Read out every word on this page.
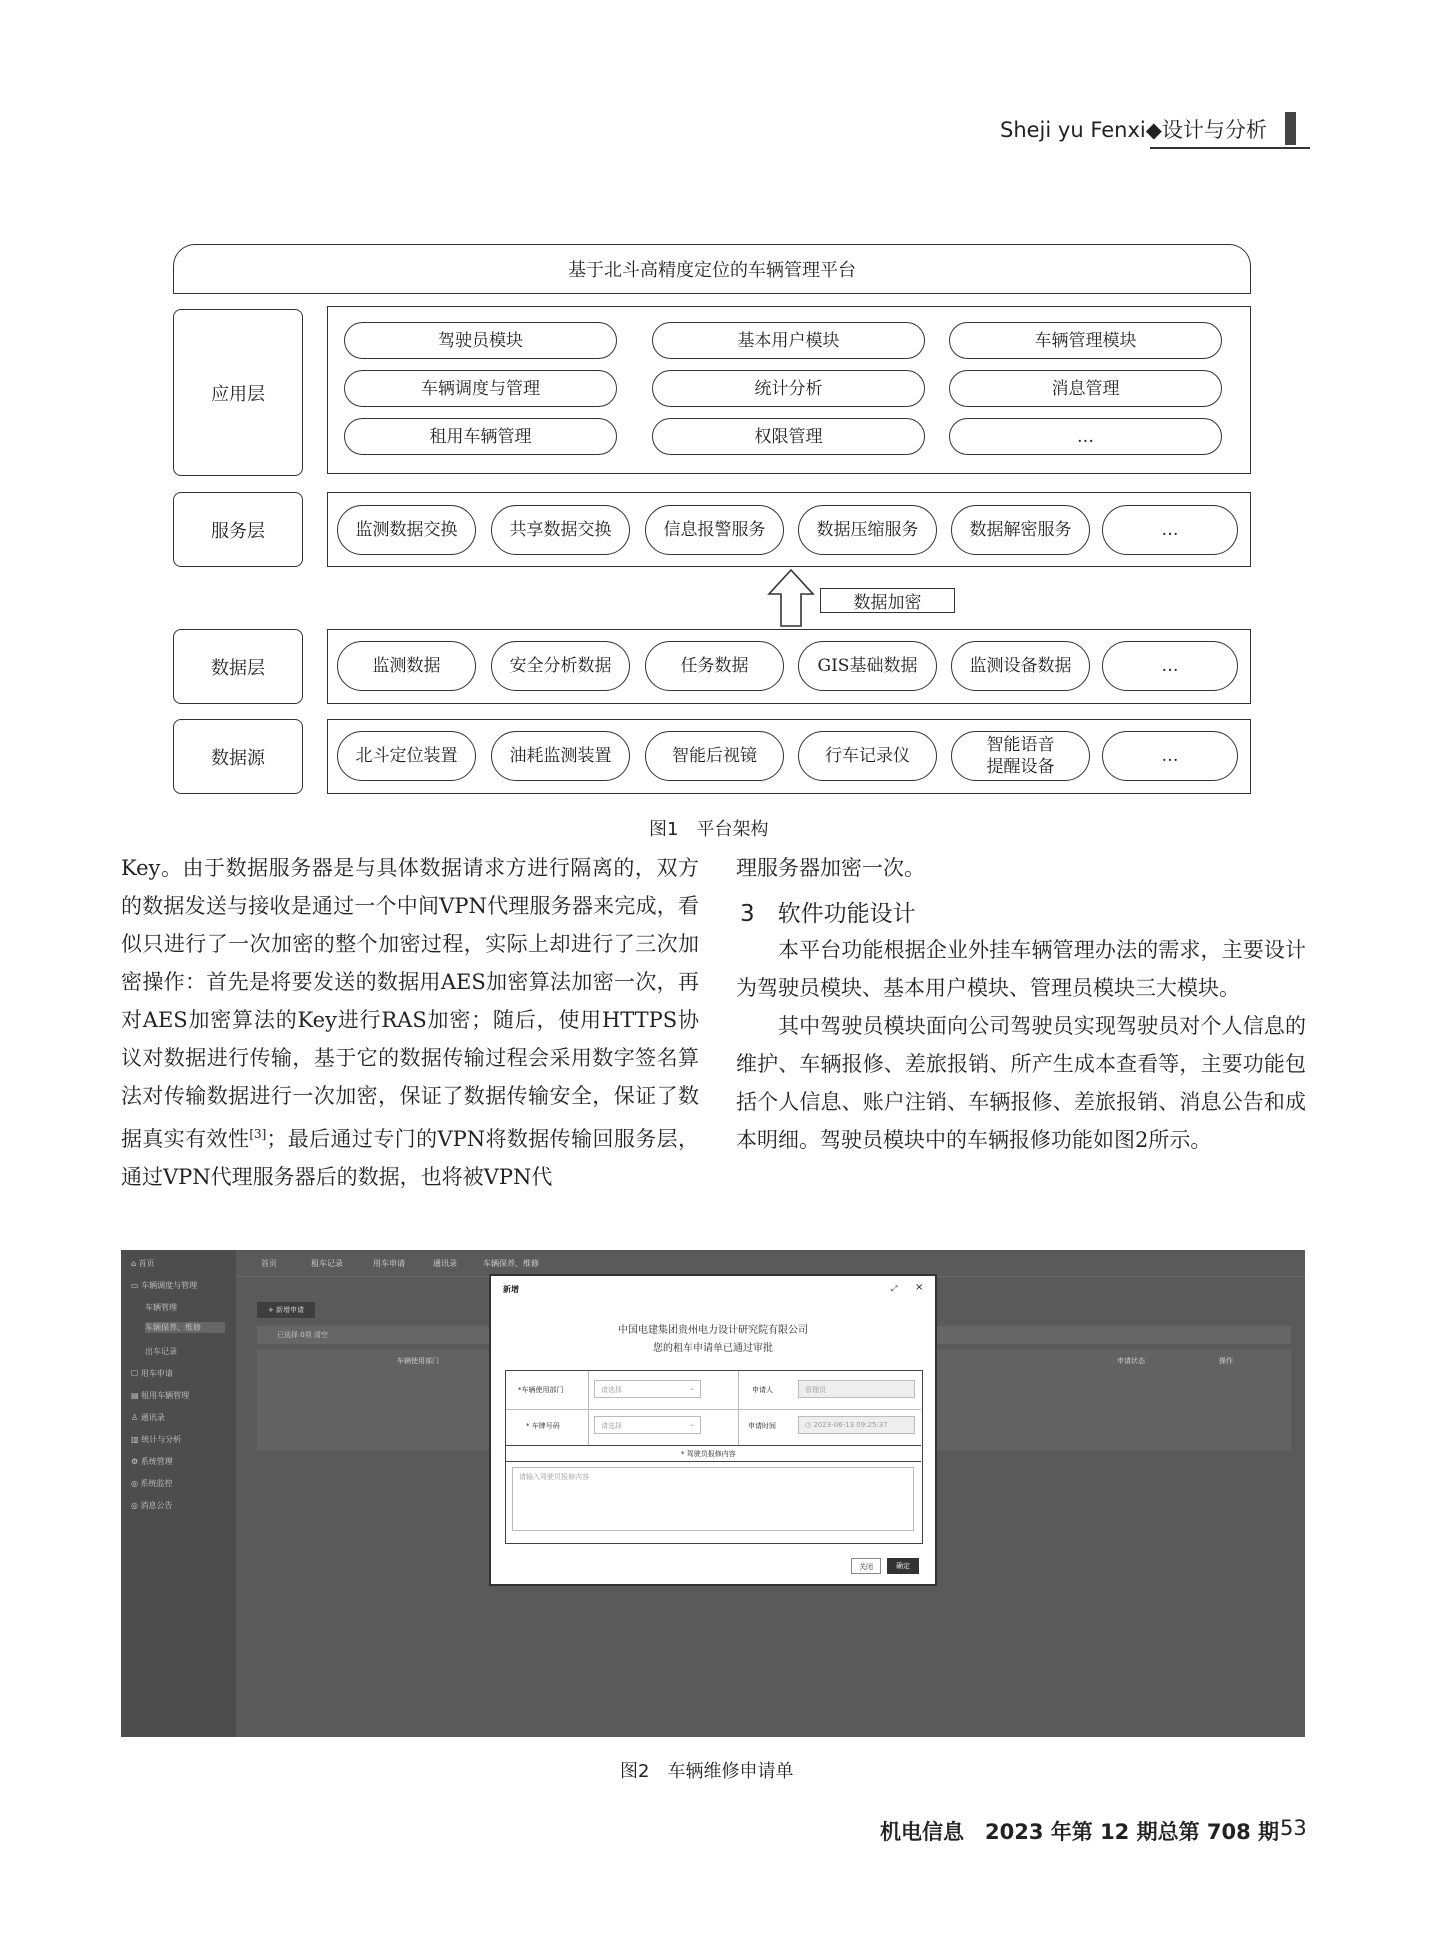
Sheji yu Fenxi◆设计与分析
基于北斗高精度定位的车辆管理平台
应用层
服务层
数据层
数据源
驾驶员模块	基本用户模块	车辆管理模块
车辆调度与管理	统计分析	消息管理
租用车辆管理	权限管理	…
监测数据交换	共享数据交换	信息报警服务	数据压缩服务	数据解密服务	…
数据加密
监测数据	安全分析数据	任务数据	GIS基础数据	监测设备数据	…
北斗定位装置	油耗监测装置	智能后视镜	行车记录仪
智能语音
提醒设备
…
图1　平台架构

Key。由于数据服务器是与具体数据请求方进行隔离的，双方的数据发送与接收是通过一个中间VPN代理服务器来完成，看似只进行了一次加密的整个加密过程，实际上却进行了三次加密操作：首先是将要发送的数据用AES加密算法加密一次，再对AES加密算法的Key进行RAS加密；随后，使用HTTPS协议对数据进行传输，基于它的数据传输过程会采用数字签名算法对传输数据进行一次加密，保证了数据传输安全，保证了数据真实有效性[3]；最后通过专门的VPN将数据传输回服务层，通过VPN代理服务器后的数据，也将被VPN代

理服务器加密一次。

3　软件功能设计

本平台功能根据企业外挂车辆管理办法的需求，主要设计为驾驶员模块、基本用户模块、管理员模块三大模块。

其中驾驶员模块面向公司驾驶员实现驾驶员对个人信息的维护、车辆报修、差旅报销、所产生成本查看等，主要功能包括个人信息、账户注销、车辆报修、差旅报销、消息公告和成本明细。驾驶员模块中的车辆报修功能如图2所示。

⌂ 首页
▭ 车辆调度与管理
车辆管理
车辆保养、维修
出车记录
☐ 用车申请
▤ 租用车辆管理
♙ 通讯录
▥ 统计与分析
⚙ 系统管理
◎ 系统监控
◎ 消息公告
首页	租车记录	用车申请	通讯录	车辆保养、维修
+ 新增申请
已选择 0项 清空
车辆使用部门	申请状态	操作
新增	⤢ ×
中国电建集团贵州电力设计研究院有限公司
您的租车申请单已通过审批
*车辆使用部门	请选择	⌄	申请人	管理员
* 车牌号码	请选择	⌄	申请时间	◷ 2023-06-13 09:25:37
* 驾驶员报修内容
请输入驾驶员报修内容
关闭	确定
图2　车辆维修申请单
机电信息　2023 年第 12 期总第 708 期 53
